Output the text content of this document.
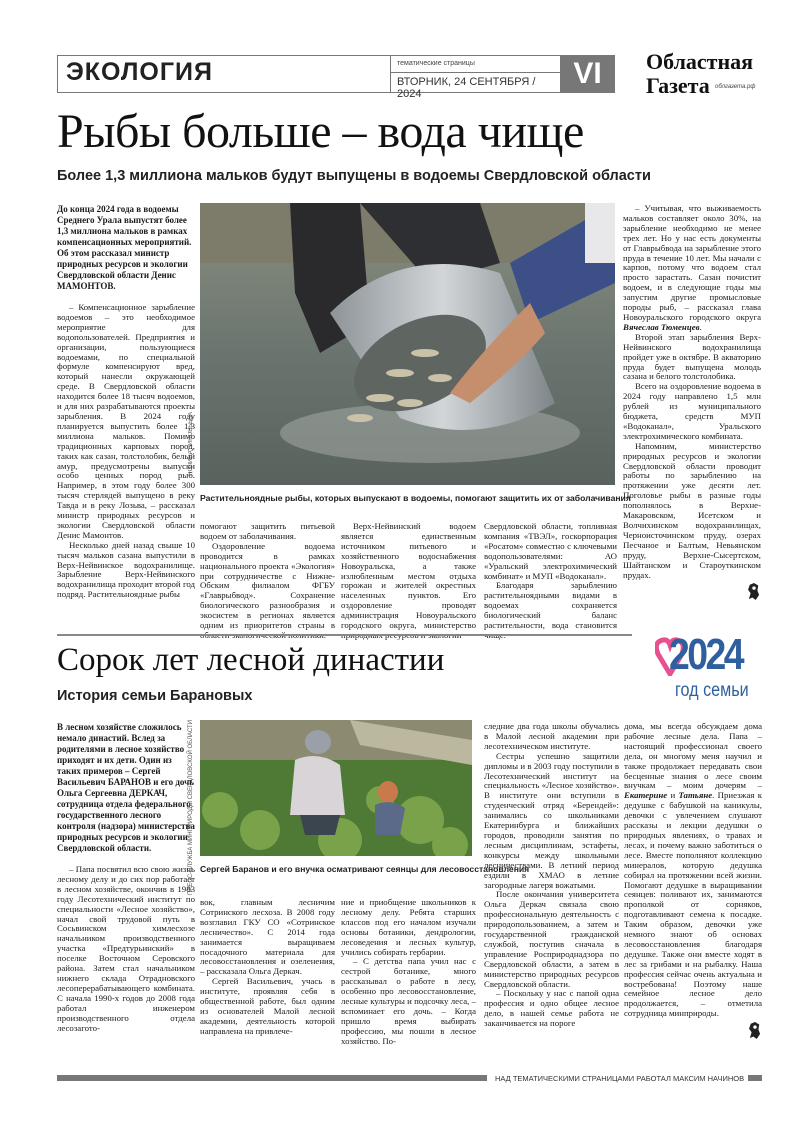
ЭКОЛОГИЯ	тематические страницы
ВТОРНИК, 24 СЕНТЯБРЯ / 2024
VI	Областная
Газета облгазета.рф
Рыбы больше – вода чище
Более 1,3 миллиона мальков будут выпущены в водоемы Свердловской области

До конца 2024 года в водоемы Среднего Урала выпустят более 1,3 миллиона мальков в рамках компенсационных мероприятий. Об этом рассказал министр природных ресурсов и экологии Свердловской области Денис МАМОНТОВ.

– Компенсационное зарыбление водоемов – это необходимое мероприятие для водопользователей. Предприятия и организации, пользующиеся водоемами, по специальной формуле компенсируют вред, который нанесли окружающей среде. В Свердловской области находится более 18 тысяч водоемов, и для них разрабатываются проекты зарыбления. В 2024 году планируется выпустить более 1,3 миллиона мальков. Помимо традиционных карповых пород, таких как сазан, толстолобик, белый амур, предусмотрены выпуски особо ценных пород рыб. Например, в этом году более 300 тысяч стерлядей выпущено в реку Тавда и в реку Лозьва, – рассказал министр природных ресурсов и экологии Свердловской области Денис Мамонтов.

Несколько дней назад свыше 10 тысяч мальков сазана выпустили в Верх-Нейвинское водохранилище. Зарыбление Верх-Нейвинского водохранилища проходит второй год подряд. Растительноядные рыбы

ПОЛИНА ЗИНОВЬЕВА
Растительноядные рыбы, которых выпускают в водоемы, помогают защитить их от заболачивания

помогают защитить питьевой водоем от заболачивания.

Оздоровление водоема проводится в рамках национального проекта «Экология» при сотрудничестве с Нижне-Обским филиалом ФГБУ «Главрыбвод». Сохранение биологического разнообразия и экосистем в регионах является одним из приоритетов страны в

Верх-Нейвинский водоем является единственным источником питьевого и хозяйственного водоснабжения Новоуральска, а также излюбленным местом отдыха горожан и жителей окрестных населенных пунктов. Его оздоровление проводят администрация Новоуральского городского округа, министерство

Свердловской области, топливная компания «ТВЭЛ», госкорпорация «Росатом» совместно с ключевыми водопользователями: АО «Уральский электрохимический комбинат» и МУП «Водоканал».

Благодаря зарыблению растительноядными видами в водоемах сохраняется биологический баланс растительности, вода становится

– Учитывая, что выживаемость мальков составляет около 30%, на зарыбление необходимо не менее трех лет. Но у нас есть документы от Главрыбвода на зарыбление этого пруда в течение 10 лет. Мы начали с карпов, потому что водоем стал просто зарастать. Сазан почистит водоем, и в следующие годы мы запустим другие промысловые породы рыб, – рассказал глава Новоуральского городского округа Вячеслав Тюменцев.

Второй этап зарыбления Верх-Нейвинского водохранилища пройдет уже в октябре. В акваторию пруда будет выпущена молодь сазана и белого толстолобика.

Всего на оздоровление водоема в 2024 году направлено 1,5 млн рублей из муниципального бюджета, средств МУП «Водоканал», Уральского электрохимического комбината.

Напомним, министерство природных ресурсов и экологии Свердловской области проводит работы по зарыблению на протяжении уже десяти лет. Поголовье рыбы в разные годы пополнялось в Верхне-Макаровском, Исетском и Волчихинском водохранилищах, Черноисточинском пруду, озерах Песчаное и Балтым, Невьянском пруду, Верхне-Сысертском, Шайтанском и Староуткинском прудах.

2024
год семьи
Сорок лет лесной династии
История семьи Барановых

В лесном хозяйстве сложилось немало династий. Вслед за родителями в лесное хозяйство приходят и их дети. Один из таких примеров – Сергей Васильевич БАРАНОВ и его дочь Ольга Сергеевна ДЕРКАЧ, сотрудница отдела федерального государственного лесного контроля (надзора) министерства природных ресурсов и экологии Свердловской области.

– Папа посвятил всю свою жизнь лесному делу и до сих пор работает в лесном хозяйстве, окончив в 1983 году Лесотехнический институт по специальности «Лесное хозяйство», начал свой трудовой путь в Сосьвинском химлесхозе начальником производственного участка «Предтурьинский» в поселке Восточном Серовского района. Затем стал начальником нижнего склада Отрадновского лесоперерабатывающего комбината. С начала 1990-х годов до 2008 года работал инженером производственного отдела лесозагото-

ПРЕСС-СЛУЖБА МИНПРИРОДЫ СВЕРДЛОВСКОЙ ОБЛАСТИ Сергей Баранов и его внучка осматривают сеянцы для лесовосстановления

вок, главным лесничим Сотринского лесхоза. В 2008 году возглавил ГКУ СО «Сотринское лесничество». С 2014 года занимается выращиваем посадочного материала для лесовосстановления и озеленения, – рассказала Ольга Деркач.

Сергей Васильевич, учась в институте, проявляя себя в общественной работе, был одним из основателей Малой лесной академии, деятельность которой направлена на привлече-

ние и приобщение школьников к лесному делу. Ребята старших классов под его началом изучали основы ботаники, дендрологии, лесоведения и лесных культур, учились собирать гербарии.

– С детства папа учил нас с сестрой ботанике, много рассказывал о работе в лесу, особенно про лесовосстановление, лесные культуры и подсочку леса, – вспоминает его дочь. – Когда пришло время выбирать профессию, мы пошли в лесное хозяйство. По-

следние два года школы обучались в Малой лесной академии при лесотехническом институте.

Сестры успешно защитили дипломы и в 2003 году поступили в Лесотехнический институт на специальность «Лесное хозяйство». В институте они вступили в студенческий отряд «Берендей»: занимались со школьниками Екатеринбурга и ближайших городов, проводили занятия по лесным дисциплинам, эстафеты, конкурсы между школьными лесничествами. В летний период ездили в ХМАО в летние загородные лагеря вожатыми.

После окончания университета Ольга Деркач связала свою профессиональную деятельность с природопользованием, а затем и государственной гражданской службой, поступив сначала в управление Росприроднадзора по Свердловской области, а затем в министерство природных ресурсов Свердловской области.

– Поскольку у нас с папой одна профессия и одно общее лесное дело, в нашей семье работа не заканчивается на пороге

дома, мы всегда обсуждаем дома рабочие лесные дела. Папа – настоящий профессионал своего дела, он многому меня научил и также продолжает передавать свои бесценные знания о лесе своим внучкам – моим дочерям – Екатерине и Татьяне. Приезжая к дедушке с бабушкой на каникулы, девочки с увлечением слушают рассказы и лекции дедушки о природных явлениях, о травах и лесах, и почему важно заботиться о лесе. Вместе пополняют коллекцию минералов, которую дедушка собирал на протяжении всей жизни. Помогают дедушке в выращивании сеянцев: поливают их, занимаются прополкой от сорняков, подготавливают семена к посадке. Таким образом, девочки уже немного знают об основах лесовосстановления благодаря дедушке. Также они вместе ходят в лес за грибами и на рыбалку. Наша профессия сейчас очень актуальна и востребована! Поэтому наше семейное лесное дело продолжается, – отметила сотрудница минприроды.

НАД ТЕМАТИЧЕСКИМИ СТРАНИЦАМИ РАБОТАЛ МАКСИМ НАЧИНОВ
